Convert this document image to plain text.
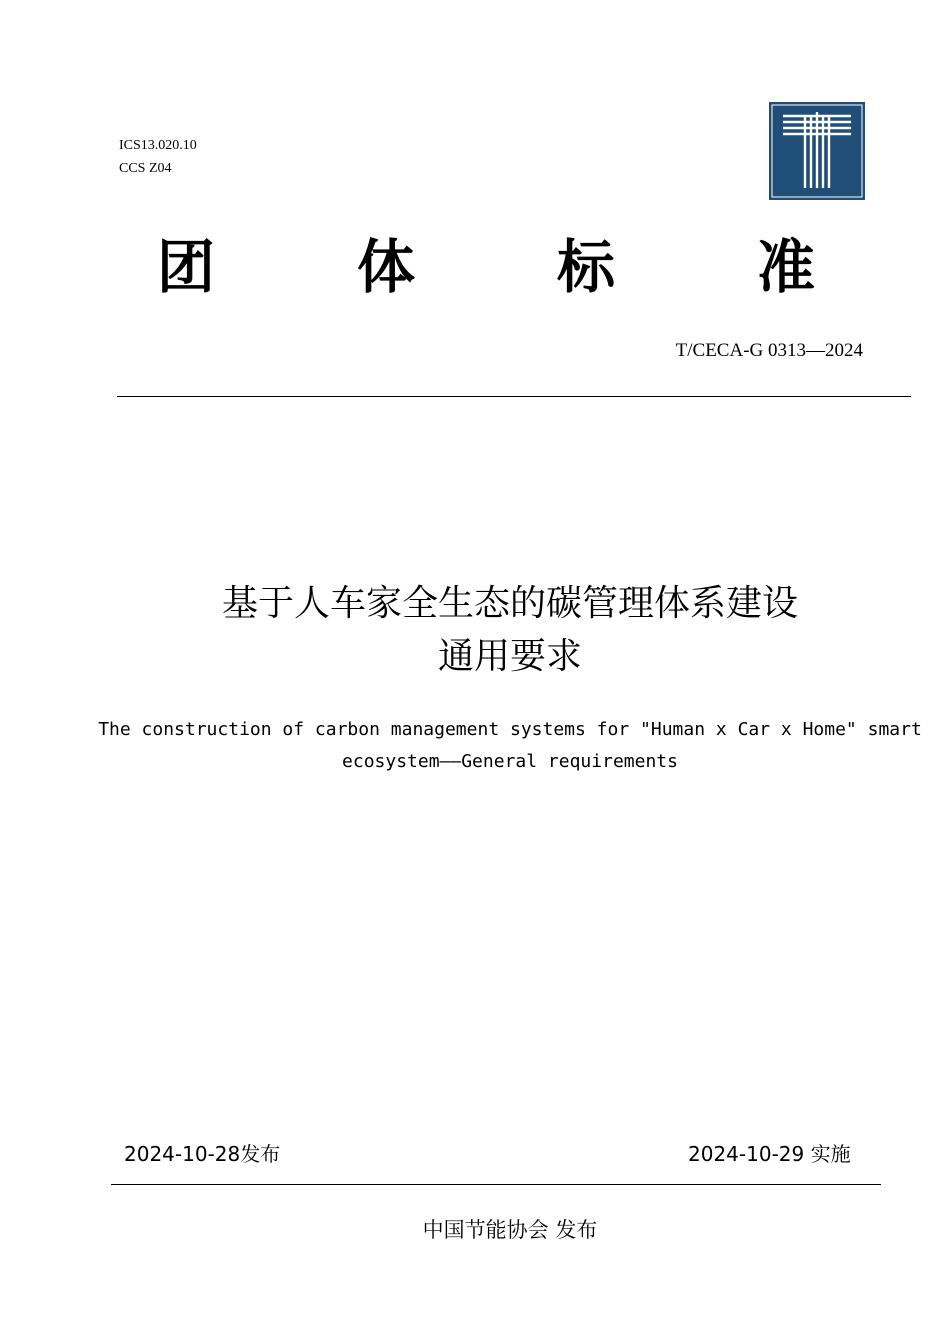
ICS13.020.10
CCS Z04
团 体 标 准
T/CECA-G 0313—2024
基于人车家全生态的碳管理体系建设
通用要求
The construction of carbon management systems for "Human x Car x Home" smart
ecosystem——General requirements
2024-10-28发布	2024-10-29 实施
中国节能协会 发布
